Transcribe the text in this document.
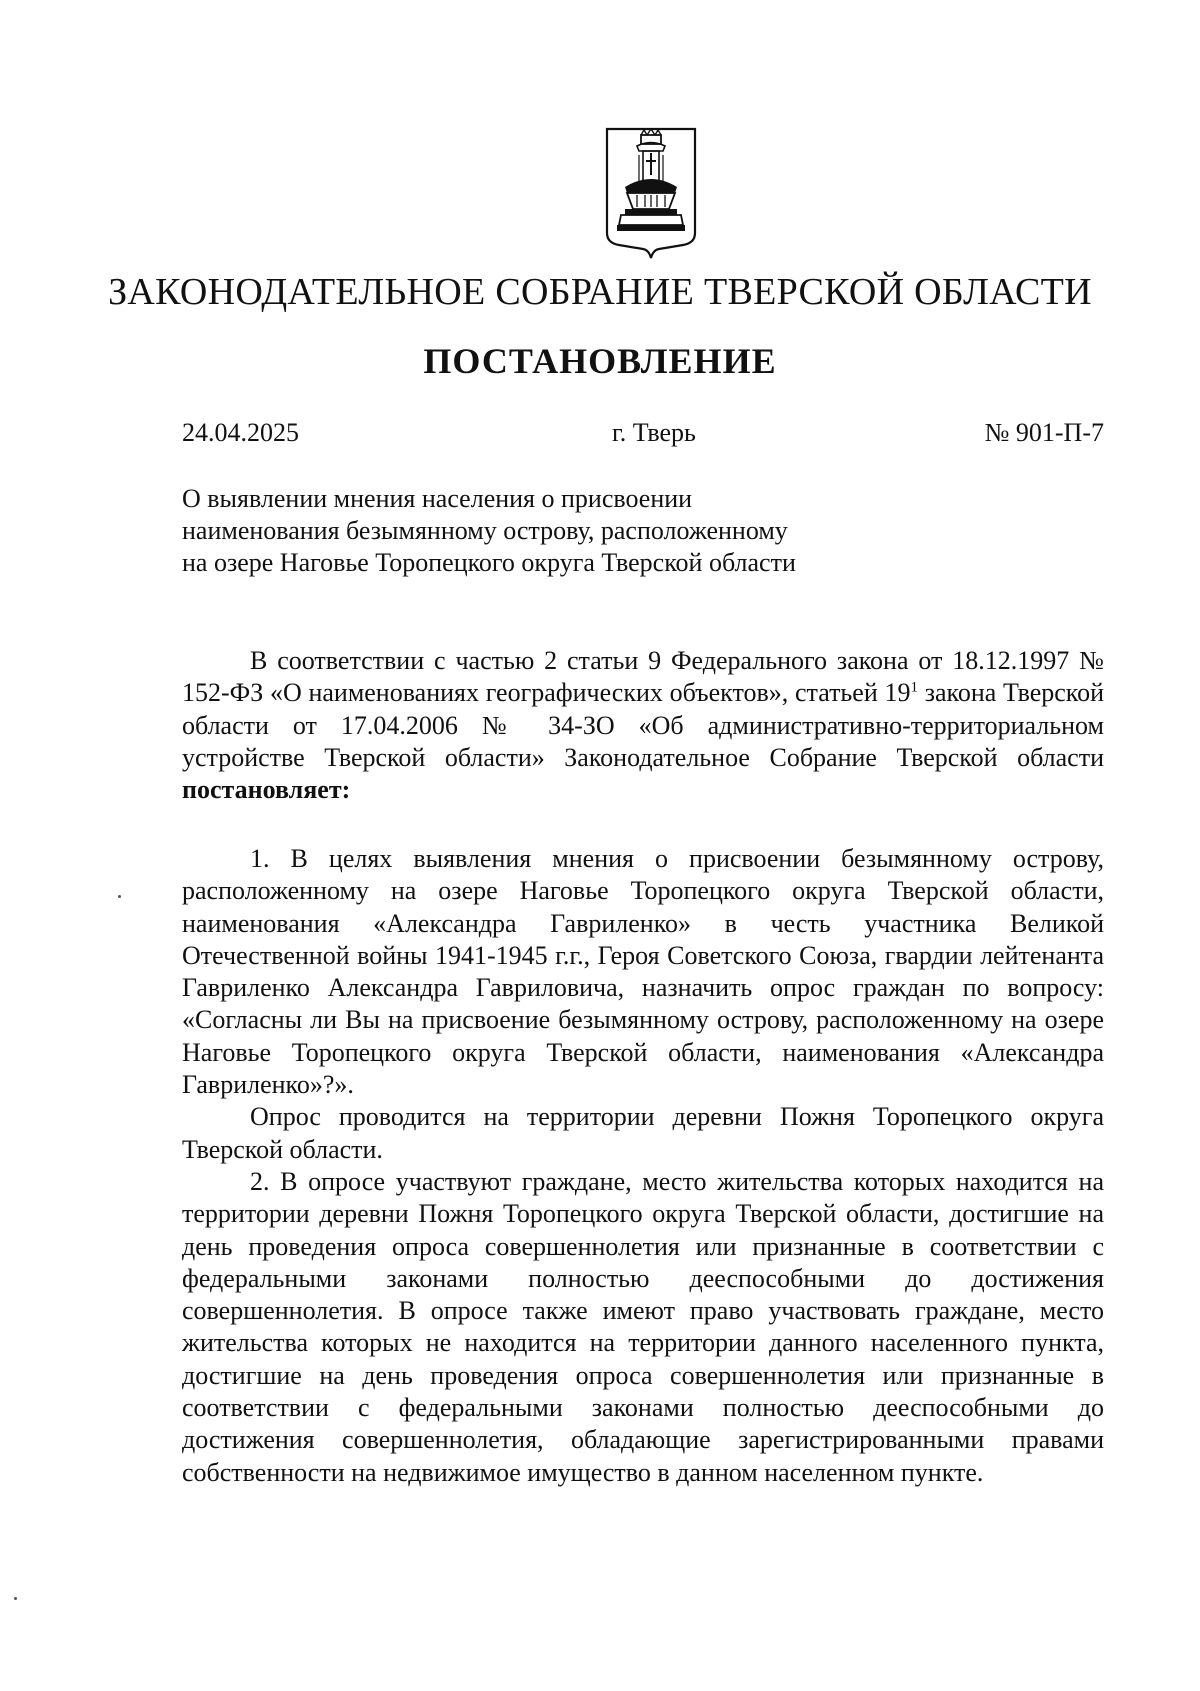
ЗАКОНОДАТЕЛЬНОЕ СОБРАНИЕ ТВЕРСКОЙ ОБЛАСТИ
ПОСТАНОВЛЕНИЕ
24.04.2025	г. Тверь	№ 901-П-7
О выявлении мнения населения о присвоении
наименования безымянному острову, расположенному
на озере Наговье Торопецкого округа Тверской области

В соответствии с частью 2 статьи 9 Федерального закона от 18.12.1997 № 152-ФЗ «О наименованиях географических объектов», статьей $19^1$ закона Тверской области от 17.04.2006 № 34-ЗО «Об административно-территориальном устройстве Тверской области» Законодательное Собрание Тверской области постановляет:

1. В целях выявления мнения о присвоении безымянному острову, расположенному на озере Наговье Торопецкого округа Тверской области, наименования «Александра Гавриленко» в честь участника Великой Отечественной войны 1941-1945 г.г., Героя Советского Союза, гвардии лейтенанта Гавриленко Александра Гавриловича, назначить опрос граждан по вопросу: «Согласны ли Вы на присвоение безымянному острову, расположенному на озере Наговье Торопецкого округа Тверской области, наименования «Александра Гавриленко»?».

Опрос проводится на территории деревни Пожня Торопецкого округа Тверской области.

2. В опросе участвуют граждане, место жительства которых находится на территории деревни Пожня Торопецкого округа Тверской области, достигшие на день проведения опроса совершеннолетия или признанные в соответствии с федеральными законами полностью дееспособными до достижения совершеннолетия. В опросе также имеют право участвовать граждане, место жительства которых не находится на территории данного населенного пункта, достигшие на день проведения опроса совершеннолетия или признанные в соответствии с федеральными законами полностью дееспособными до достижения совершеннолетия, обладающие зарегистрированными правами собственности на недвижимое имущество в данном населенном пункте.
